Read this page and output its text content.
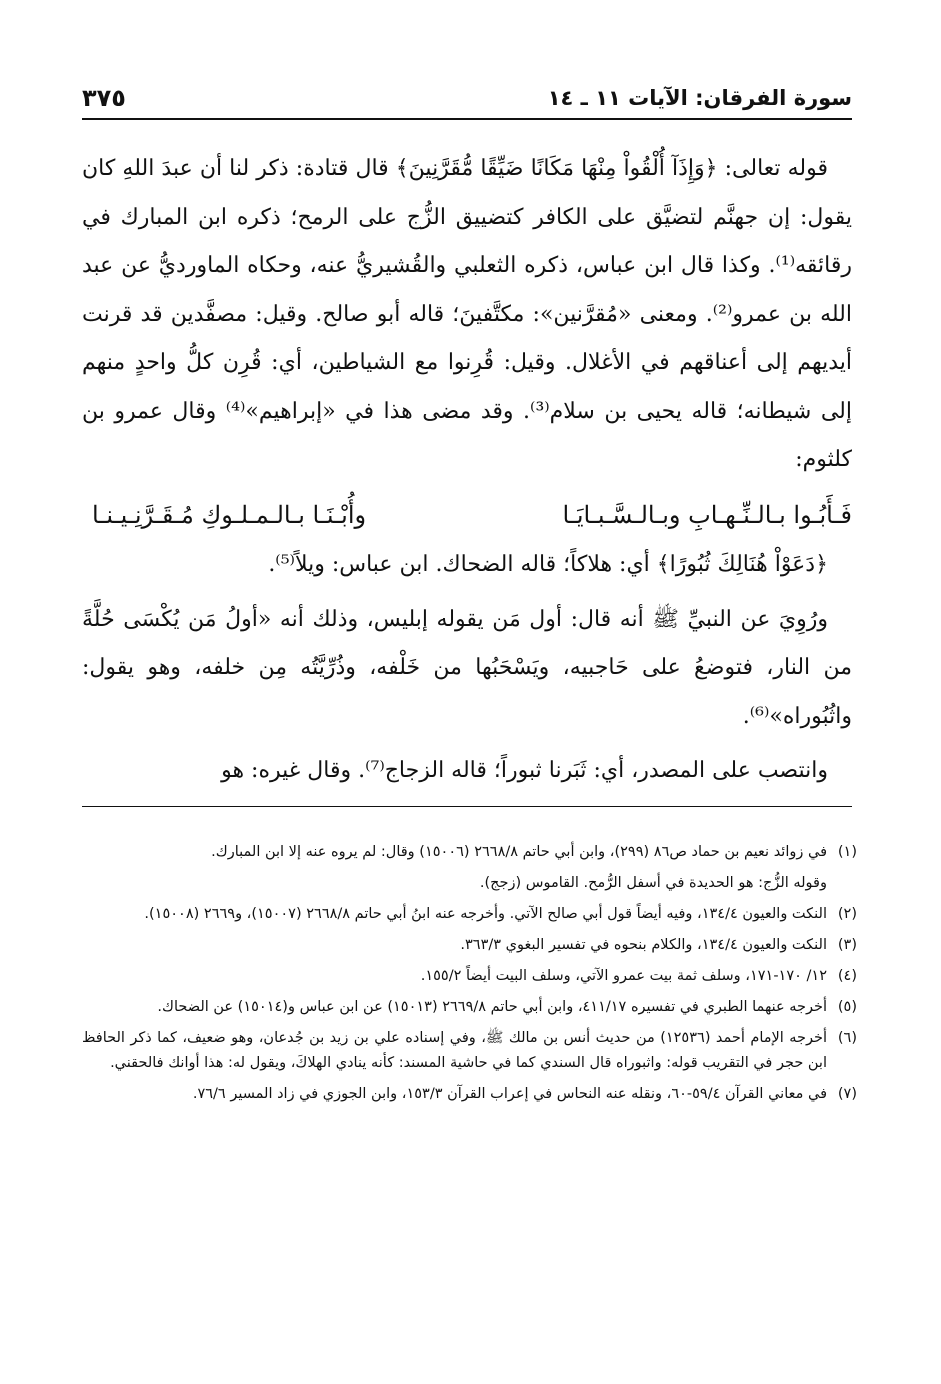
٣٧٥	سورة الفرقان: الآيات ١١ ـ ١٤

قوله تعالى: ﴿وَإِذَآ أُلْقُواْ مِنْهَا مَكَانًا ضَيِّقًا مُّقَرَّنِينَ﴾ قال قتادة: ذكر لنا أن عبدَ اللهِ كان يقول: إن جهنَّم لتضيَّق على الكافر كتضييق الزُّج على الرمح؛ ذكره ابن المبارك في رقائقه⁽¹⁾. وكذا قال ابن عباس، ذكره الثعلبي والقُشيريُّ عنه، وحكاه الماورديُّ عن عبد الله بن عمرو⁽²⁾. ومعنى «مُقرَّنين»: مكتَّفينَ؛ قاله أبو صالح. وقيل: مصفَّدين قد قرنت أيديهم إلى أعناقهم في الأغلال. وقيل: قُرِنوا مع الشياطين، أي: قُرِن كلُّ واحدٍ منهم إلى شيطانه؛ قاله يحيى بن سلام⁽³⁾. وقد مضى هذا في «إبراهيم»⁽⁴⁾ وقال عمرو بن كلثوم:

فَـأَبُـوا بـالـنِّـهـابِ وبـالـسَّـبـايَـا
وأُبْـنَـا بـالـمـلـوكِ مُـقَـرَّنِـيـنـا

﴿دَعَوْاْ هُنَالِكَ ثُبُورًا﴾ أي: هلاكاً؛ قاله الضحاك. ابن عباس: ويلاً⁽⁵⁾.

ورُوِيَ عن النبيِّ ﷺ أنه قال: أول مَن يقوله إبليس، وذلك أنه «أولُ مَن يُكْسَى حُلَّةً من النار، فتوضعُ على حَاجبيه، ويَسْحَبُها من خَلْفه، وذُرِّيَّتُه مِن خلفه، وهو يقول: واثُبُوراه»⁽⁶⁾.

وانتصب على المصدر، أي: ثَبَرنا ثبوراً؛ قاله الزجاج⁽⁷⁾. وقال غيره: هو

(١)
في زوائد نعيم بن حماد ص٨٦ (٢٩٩)، وابن أبي حاتم ٢٦٦٨/٨ (١٥٠٠٦) وقال: لم يروه عنه إلا ابن المبارك.
وقوله الزُّج: هو الحديدة في أسفل الرُّمح. القاموس (زجج).
(٢)
النكت والعيون ١٣٤/٤، وفيه أيضاً قول أبي صالح الآتي. وأخرجه عنه ابنُ أبي حاتم ٢٦٦٨/٨ (١٥٠٠٧)، و٢٦٦٩ (١٥٠٠٨).
(٣)
النكت والعيون ١٣٤/٤، والكلام بنحوه في تفسير البغوي ٣٦٣/٣.
(٤)
١٢/ ١٧٠-١٧١، وسلف ثمة بيت عمرو الآتي، وسلف البيت أيضاً ١٥٥/٢.
(٥)
أخرجه عنهما الطبري في تفسيره ٤١١/١٧، وابن أبي حاتم ٢٦٦٩/٨ (١٥٠١٣) عن ابن عباس و(١٥٠١٤) عن الضحاك.
(٦)
أخرجه الإمام أحمد (١٢٥٣٦) من حديث أنس بن مالك ﷺ، وفي إسناده علي بن زيد بن جُدعان، وهو ضعيف، كما ذكر الحافظ ابن حجر في التقريب قوله: واثبوراه قال السندي كما في حاشية المسند: كأنه ينادي الهلاكَ، ويقول له: هذا أوانك فالحقني.
(٧)
في معاني القرآن ٥٩/٤-٦٠، ونقله عنه النحاس في إعراب القرآن ١٥٣/٣، وابن الجوزي في زاد المسير ٧٦/٦.
